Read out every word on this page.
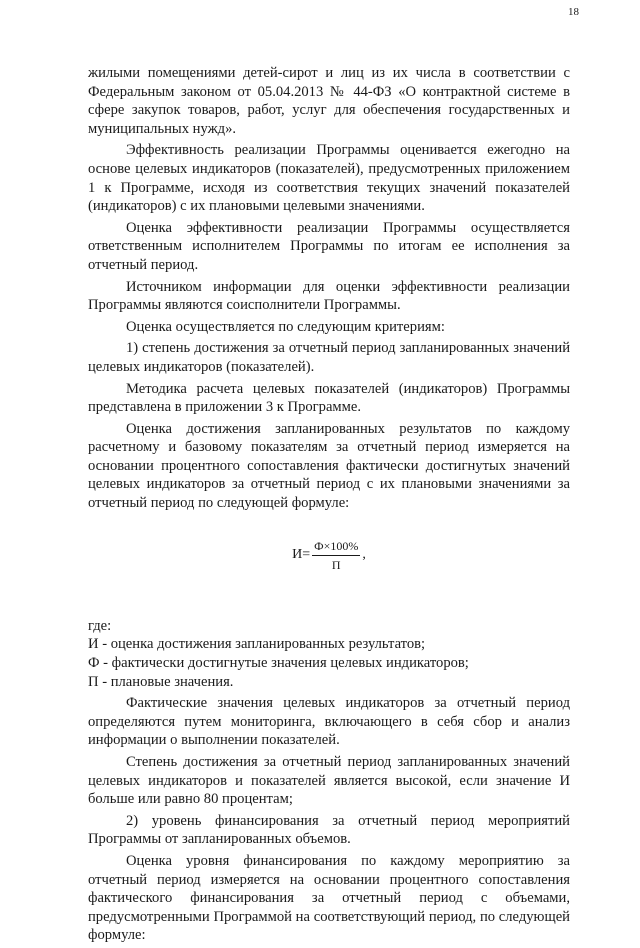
18

жилыми помещениями детей-сирот и лиц из их числа в соответствии с Федеральным законом от 05.04.2013 № 44-ФЗ «О контрактной системе в сфере закупок товаров, работ, услуг для обеспечения государственных и муниципальных нужд».

Эффективность реализации Программы оценивается ежегодно на основе целевых индикаторов (показателей), предусмотренных приложением 1 к Программе, исходя из соответствия текущих значений показателей (индикаторов) с их плановыми целевыми значениями.

Оценка эффективности реализации Программы осуществляется ответственным исполнителем Программы по итогам ее исполнения за отчетный период.

Источником информации для оценки эффективности реализации Программы являются соисполнители Программы.

Оценка осуществляется по следующим критериям:

1) степень достижения за отчетный период запланированных значений целевых индикаторов (показателей).

Методика расчета целевых показателей (индикаторов) Программы представлена в приложении 3 к Программе.

Оценка достижения запланированных результатов по каждому расчетному и базовому показателям за отчетный период измеряется на основании процентного сопоставления фактически достигнутых значений целевых индикаторов за отчетный период с их плановыми значениями за отчетный период по следующей формуле:

$И= \frac{Ф\times 100\%}{П}$ ,

где:

И - оценка достижения запланированных результатов;

Ф - фактически достигнутые значения целевых индикаторов;

П - плановые значения.

Фактические значения целевых индикаторов за отчетный период определяются путем мониторинга, включающего в себя сбор и анализ информации о выполнении показателей.

Степень достижения за отчетный период запланированных значений целевых индикаторов и показателей является высокой, если значение И больше или равно 80 процентам;

2) уровень финансирования за отчетный период мероприятий Программы от запланированных объемов.

Оценка уровня финансирования по каждому мероприятию за отчетный период измеряется на основании процентного сопоставления фактического финансирования за отчетный период с объемами, предусмотренными Программой на соответствующий период, по следующей формуле:
